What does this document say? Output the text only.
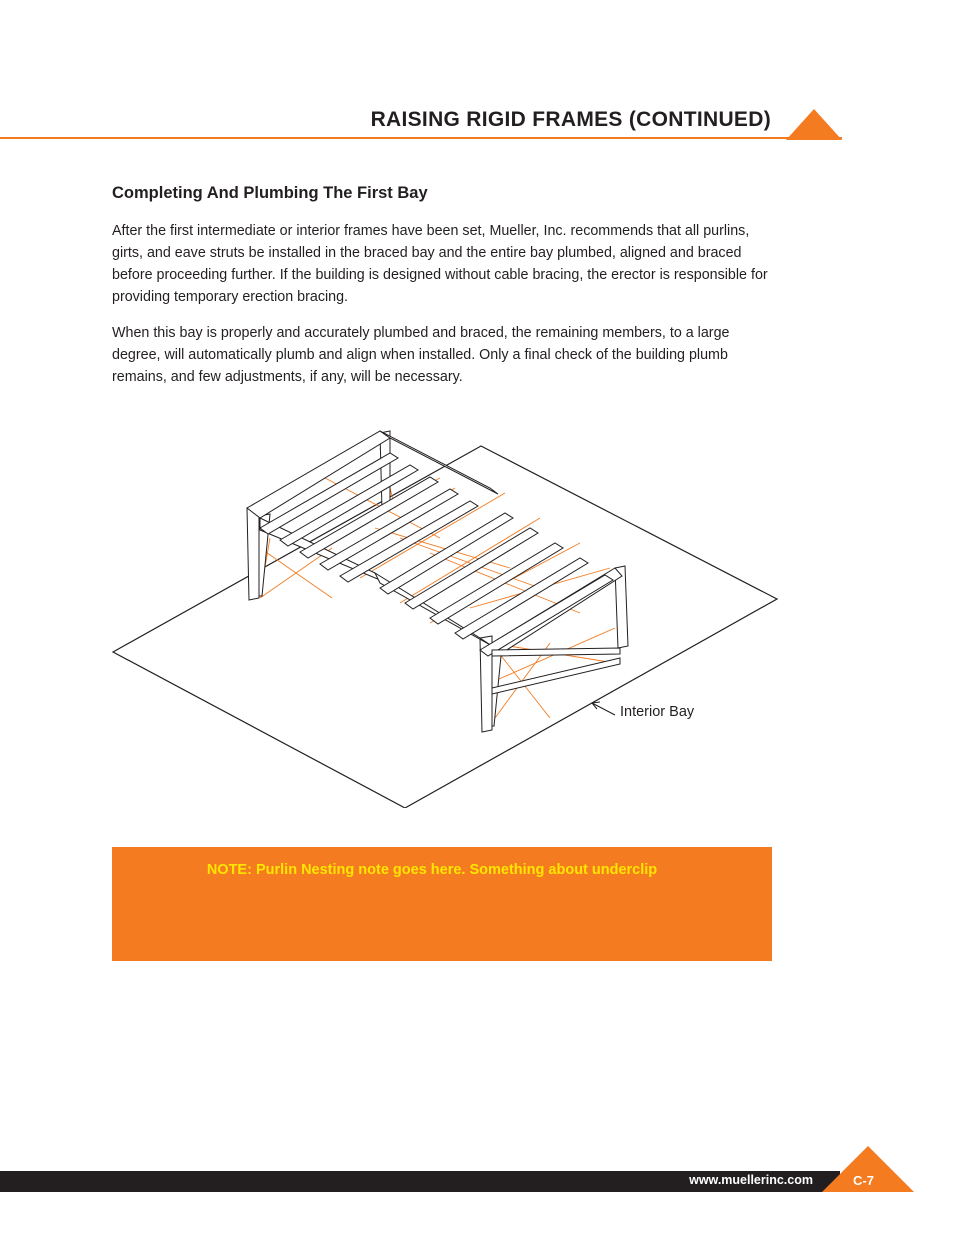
RAISING RIGID FRAMES (CONTINUED)
Completing And Plumbing The First Bay

After the first intermediate or interior frames have been set, Mueller, Inc. recommends that all purlins, girts, and eave struts be installed in the braced bay and the entire bay plumbed, aligned and braced before proceeding further. If the building is designed without cable bracing, the erector is responsible for providing temporary erection bracing.

When this bay is properly and accurately plumbed and braced, the remaining members, to a large degree, will automatically plumb and align when installed. Only a final check of the building plumb remains, and few adjustments, if any, will be necessary.

Interior Bay
NOTE: Purlin Nesting note goes here. Something about underclip
www.muellerinc.com	C-7
